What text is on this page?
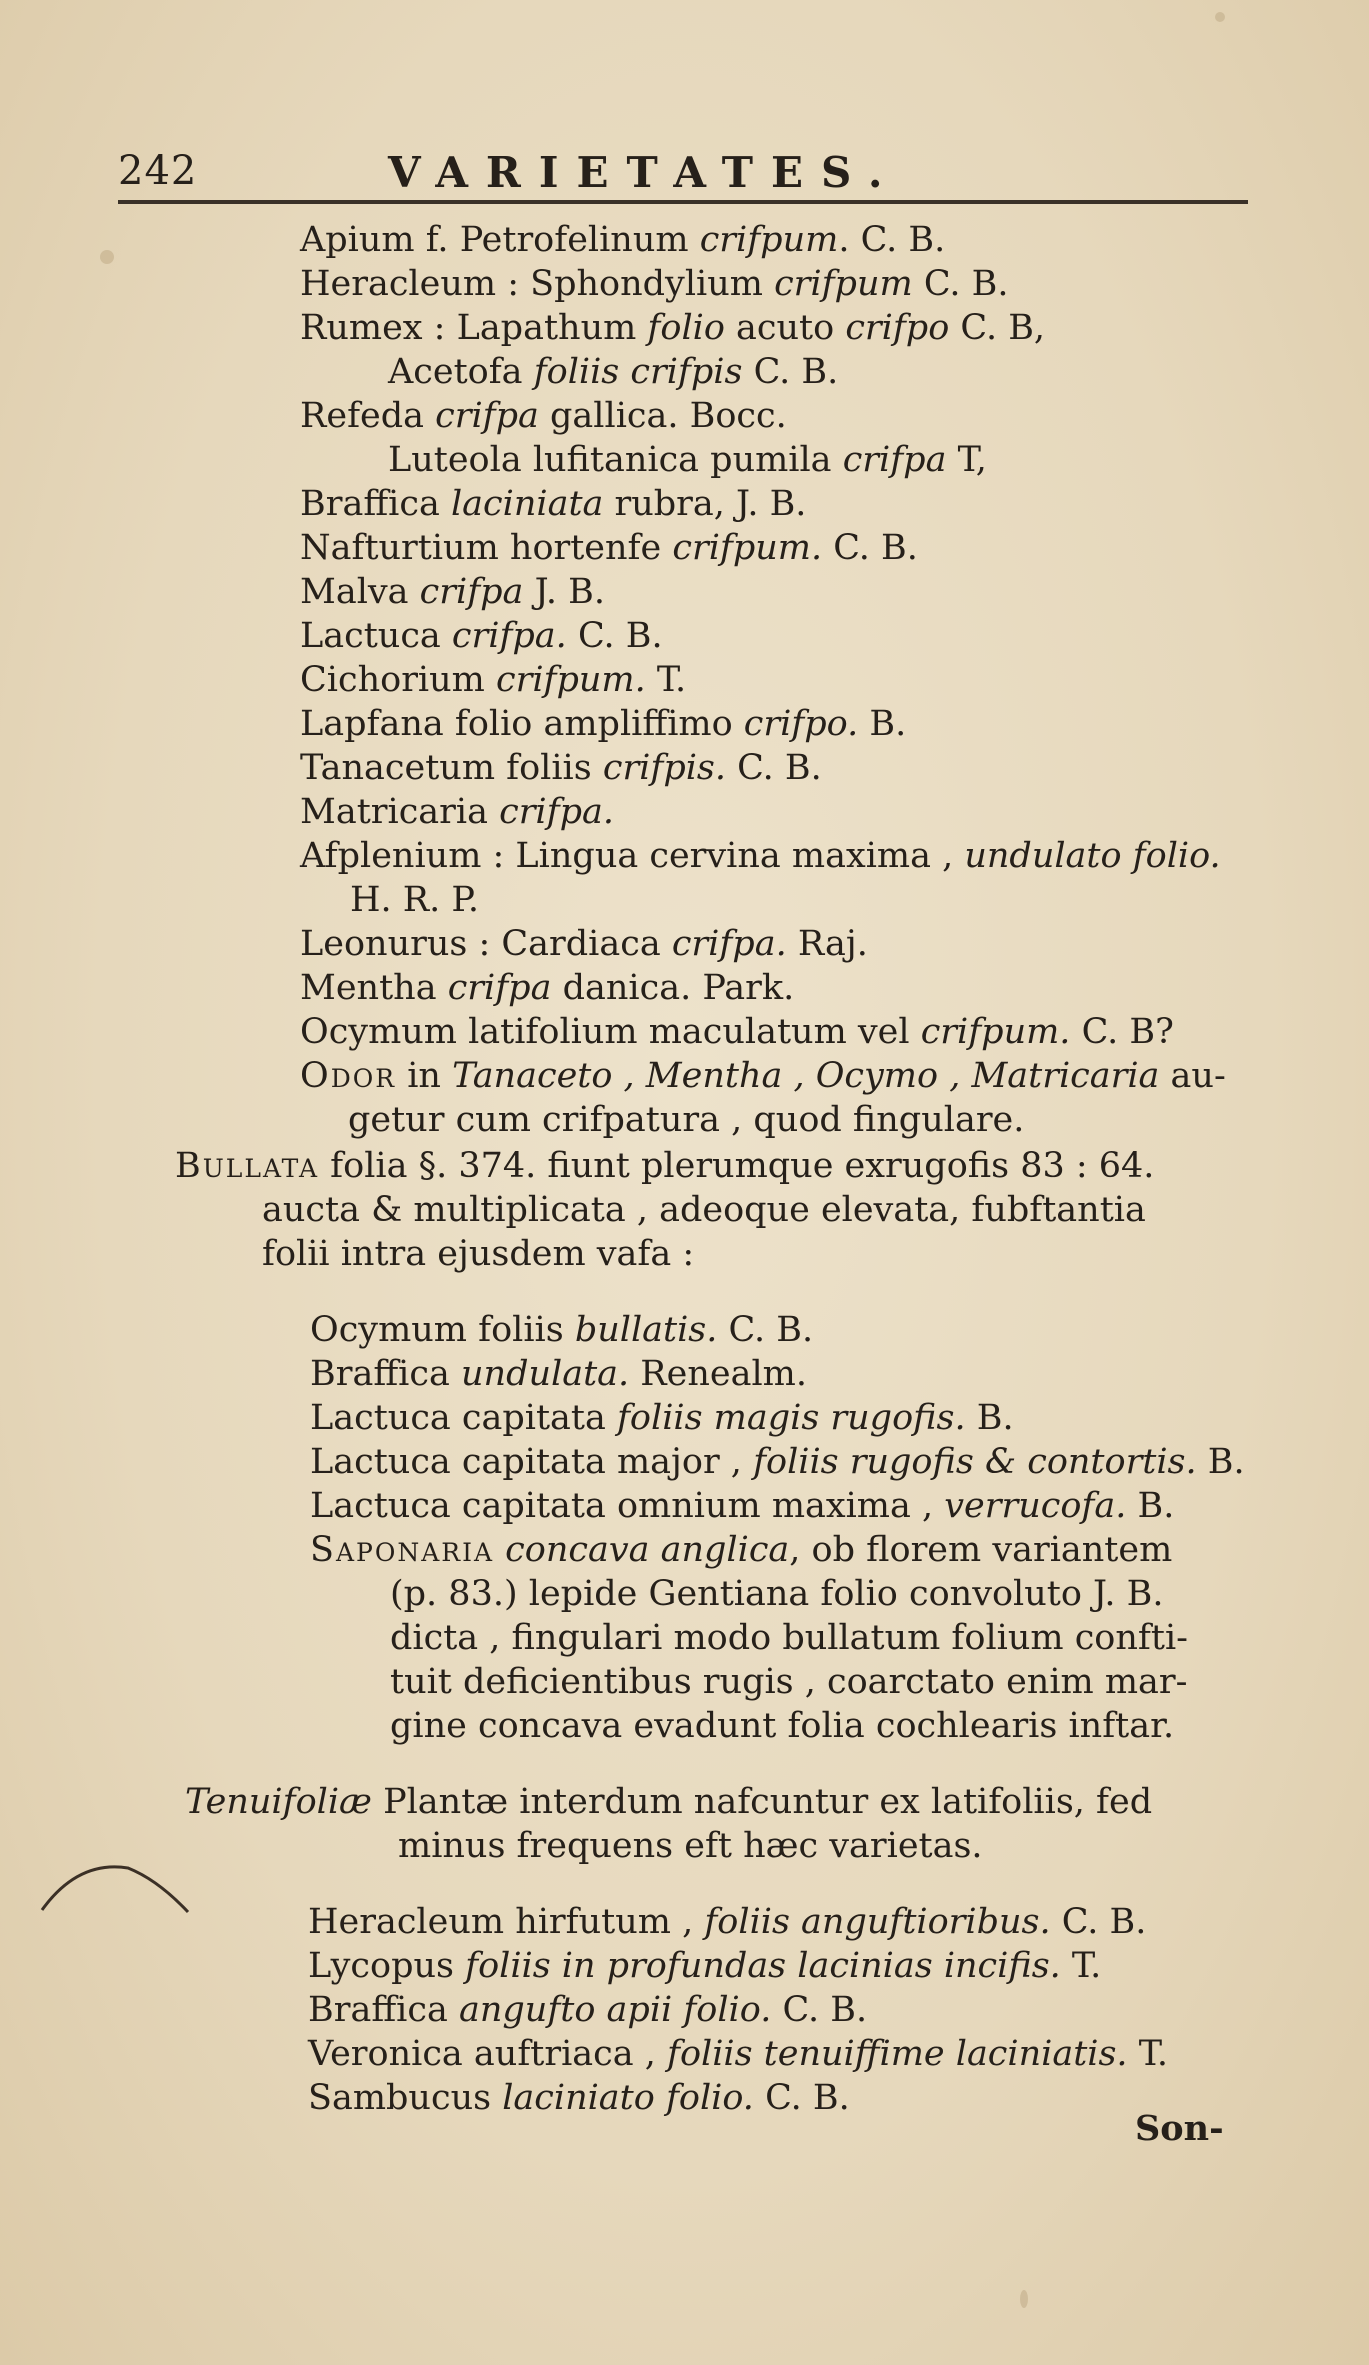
242	VARIETATES.
Apium f. Petrofelinum crifpum. C. B.
Heracleum : Sphondylium crifpum C. B.
Rumex : Lapathum folio acuto crifpo C. B,
Acetofa foliis crifpis C. B.
Refeda crifpa gallica. Bocc.
Luteola lufitanica pumila crifpa T,
Braffica laciniata rubra, J. B.
Nafturtium hortenfe crifpum. C. B.
Malva crifpa J. B.
Lactuca crifpa. C. B.
Cichorium crifpum. T.
Lapfana folio ampliffimo crifpo. B.
Tanacetum foliis crifpis. C. B.
Matricaria crifpa.
Afplenium : Lingua cervina maxima , undulato folio.
H. R. P.
Leonurus : Cardiaca crifpa. Raj.
Mentha crifpa danica. Park.
Ocymum latifolium maculatum vel crifpum. C. B?
Odor in Tanaceto , Mentha , Ocymo , Matricaria au-
getur cum crifpatura , quod fingulare.
Bullata folia §. 374. fiunt plerumque exrugofis 83 : 64.
aucta & multiplicata , adeoque elevata, fubftantia
folii intra ejusdem vafa :
Ocymum foliis bullatis. C. B.
Braffica undulata. Renealm.
Lactuca capitata foliis magis rugofis. B.
Lactuca capitata major , foliis rugofis & contortis. B.
Lactuca capitata omnium maxima , verrucofa. B.
Saponaria concava anglica, ob florem variantem
(p. 83.) lepide Gentiana folio convoluto J. B.
dicta , fingulari modo bullatum folium confti-
tuit deficientibus rugis , coarctato enim mar-
gine concava evadunt folia cochlearis inftar.
Tenuifoliæ Plantæ interdum nafcuntur ex latifoliis, fed
minus frequens eft hæc varietas.
Heracleum hirfutum , foliis anguftioribus. C. B.
Lycopus foliis in profundas lacinias incifis. T.
Braffica angufto apii folio. C. B.
Veronica auftriaca , foliis tenuiffime laciniatis. T.
Sambucus laciniato folio. C. B.
Son-
